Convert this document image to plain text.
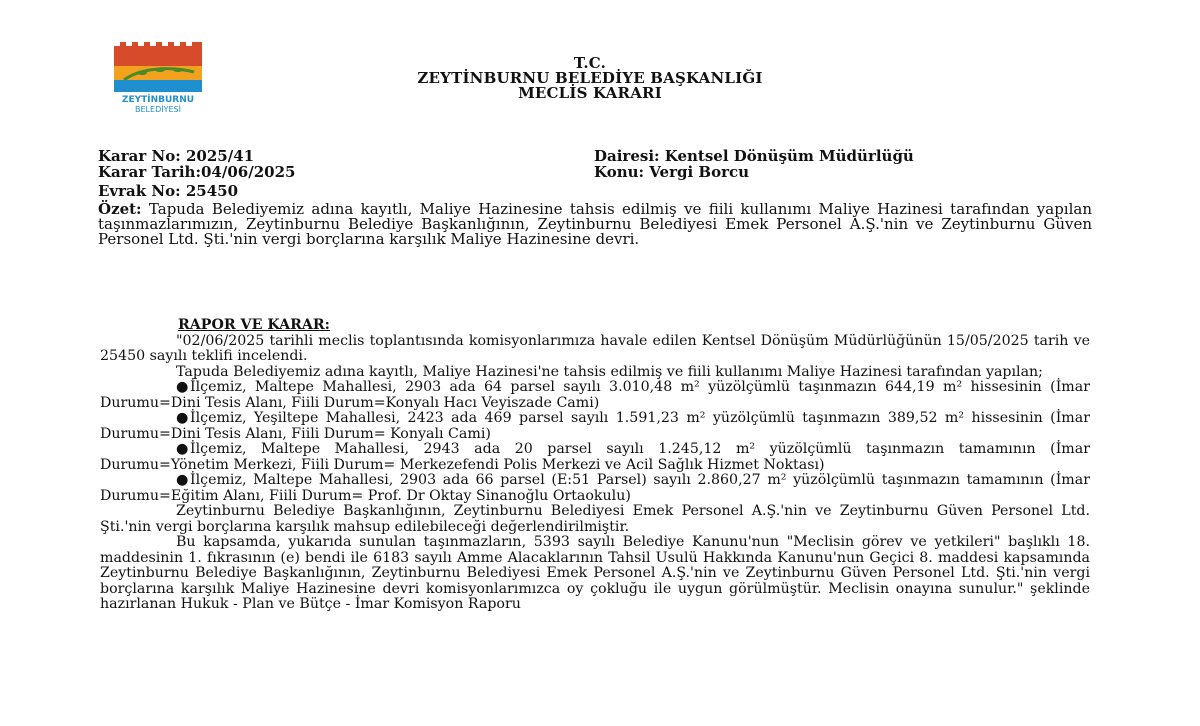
ZEYTİNBURNU
BELEDİYESİ
T.C.
ZEYTİNBURNU BELEDİYE BAŞKANLIĞI
MECLİS KARARI
Karar No: 2025/41
Karar Tarih:04/06/2025
Evrak No: 25450
Dairesi: Kentsel Dönüşüm Müdürlüğü
Konu: Vergi Borcu
Özet: Tapuda Belediyemiz adına kayıtlı, Maliye Hazinesine tahsis edilmiş ve fiili kullanımı Maliye Hazinesi tarafından yapılan taşınmazlarımızın, Zeytinburnu Belediye Başkanlığının, Zeytinburnu Belediyesi Emek Personel A.Ş.'nin ve Zeytinburnu Güven Personel Ltd. Şti.'nin vergi borçlarına karşılık Maliye Hazinesine devri.

RAPOR VE KARAR:

"02/06/2025 tarihli meclis toplantısında komisyonlarımıza havale edilen Kentsel Dönüşüm Müdürlüğünün 15/05/2025 tarih ve 25450 sayılı teklifi incelendi.

Tapuda Belediyemiz adına kayıtlı, Maliye Hazinesi'ne tahsis edilmiş ve fiili kullanımı Maliye Hazinesi tarafından yapılan;

● İlçemiz, Maltepe Mahallesi, 2903 ada 64 parsel sayılı 3.010,48 m² yüzölçümlü taşınmazın 644,19 m² hissesinin (İmar Durumu=Dini Tesis Alanı, Fiili Durum=Konyalı Hacı Veyiszade Cami)

● İlçemiz, Yeşiltepe Mahallesi, 2423 ada 469 parsel sayılı 1.591,23 m² yüzölçümlü taşınmazın 389,52 m² hissesinin (İmar Durumu=Dini Tesis Alanı, Fiili Durum= Konyalı Cami)

● İlçemiz, Maltepe Mahallesi, 2943 ada 20 parsel sayılı 1.245,12 m² yüzölçümlü taşınmazın tamamının (İmar Durumu=Yönetim Merkezi, Fiili Durum= Merkezefendi Polis Merkezi ve Acil Sağlık Hizmet Noktası)

● İlçemiz, Maltepe Mahallesi, 2903 ada 66 parsel (E:51 Parsel) sayılı 2.860,27 m² yüzölçümlü taşınmazın tamamının (İmar Durumu=Eğitim Alanı, Fiili Durum= Prof. Dr Oktay Sinanoğlu Ortaokulu)

Zeytinburnu Belediye Başkanlığının, Zeytinburnu Belediyesi Emek Personel A.Ş.'nin ve Zeytinburnu Güven Personel Ltd. Şti.'nin vergi borçlarına karşılık mahsup edilebileceği değerlendirilmiştir.

Bu kapsamda, yukarıda sunulan taşınmazların, 5393 sayılı Belediye Kanunu'nun "Meclisin görev ve yetkileri" başlıklı 18. maddesinin 1. fıkrasının (e) bendi ile 6183 sayılı Amme Alacaklarının Tahsil Usulü Hakkında Kanunu'nun Geçici 8. maddesi kapsamında Zeytinburnu Belediye Başkanlığının, Zeytinburnu Belediyesi Emek Personel A.Ş.'nin ve Zeytinburnu Güven Personel Ltd. Şti.'nin vergi borçlarına karşılık Maliye Hazinesine devri komisyonlarımızca oy çokluğu ile uygun görülmüştür. Meclisin onayına sunulur." şeklinde hazırlanan Hukuk - Plan ve Bütçe - İmar Komisyon Raporu
